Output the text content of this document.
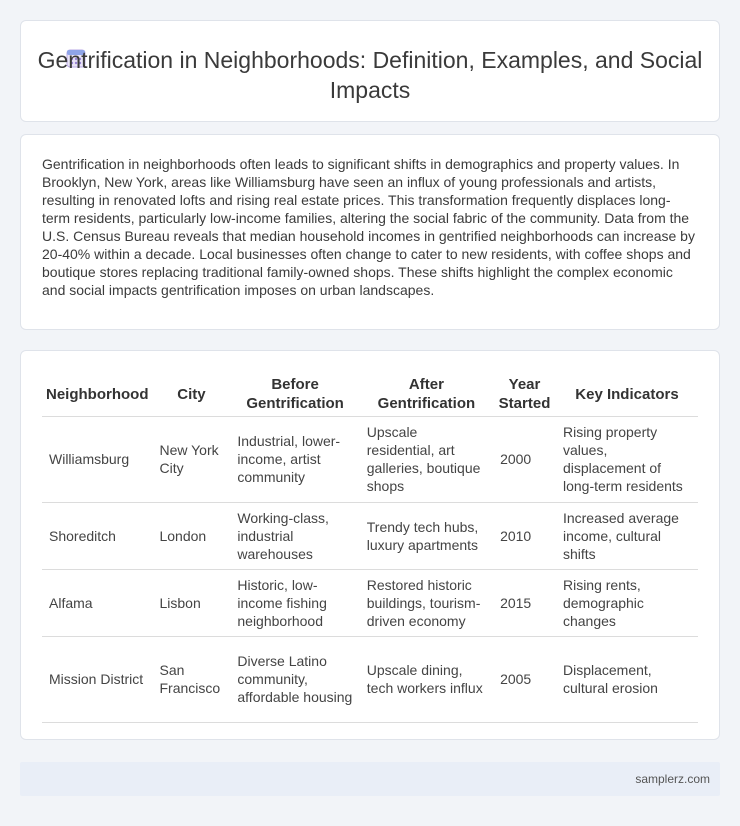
Gentrification in Neighborhoods: Definition, Examples, and Social Impacts

Gentrification in neighborhoods often leads to significant shifts in demographics and property values. In Brooklyn, New York, areas like Williamsburg have seen an influx of young professionals and artists, resulting in renovated lofts and rising real estate prices. This transformation frequently displaces long-term residents, particularly low-income families, altering the social fabric of the community. Data from the U.S. Census Bureau reveals that median household incomes in gentrified neighborhoods can increase by 20-40% within a decade. Local businesses often change to cater to new residents, with coffee shops and boutique stores replacing traditional family-owned shops. These shifts highlight the complex economic and social impacts gentrification imposes on urban landscapes.

Neighborhood	City	Before Gentrification	After Gentrification	Year Started	Key Indicators
Williamsburg	New York City	Industrial, lower-income, artist community	Upscale residential, art galleries, boutique shops	2000	Rising property values, displacement of long-term residents
Shoreditch	London	Working-class, industrial warehouses	Trendy tech hubs, luxury apartments	2010	Increased average income, cultural shifts
Alfama	Lisbon	Historic, low-income fishing neighborhood	Restored historic buildings, tourism-driven economy	2015	Rising rents, demographic changes
Mission District	San Francisco	Diverse Latino community, affordable housing	Upscale dining, tech workers influx	2005	Displacement, cultural erosion
samplerz.com
